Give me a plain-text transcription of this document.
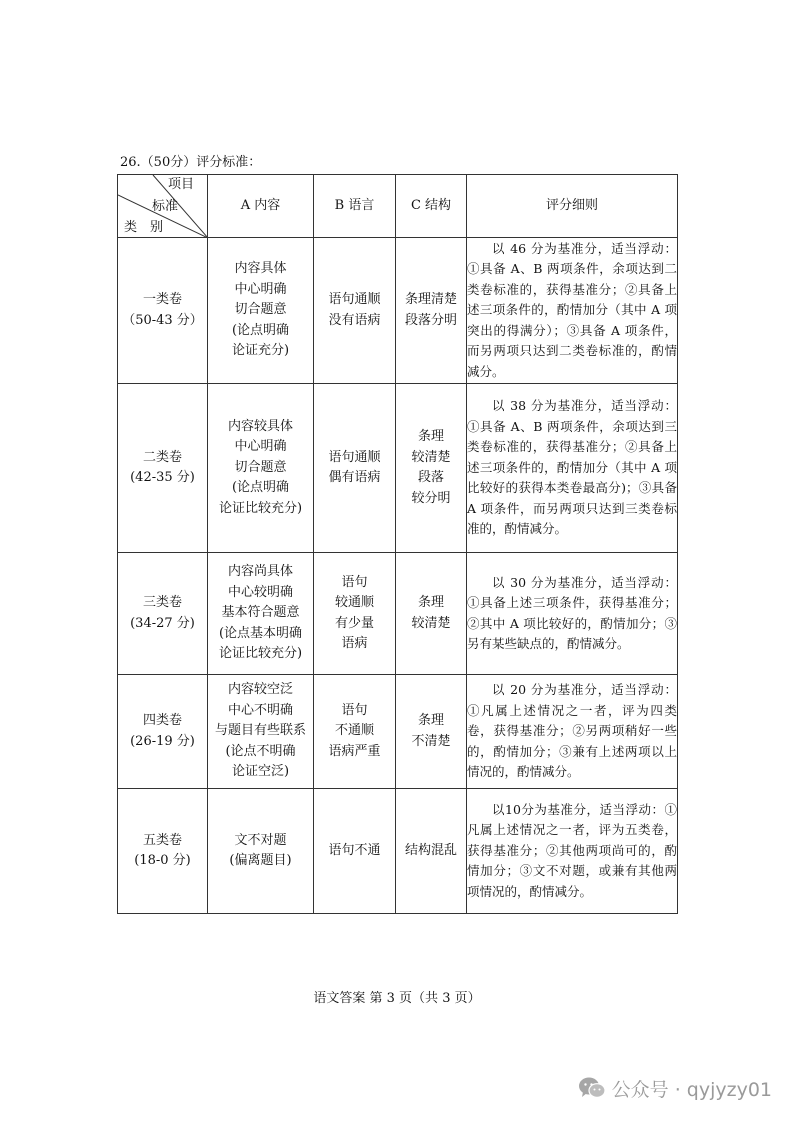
26.（50分）评分标准：
项目
标准
类　别	A 内容	B 语言	C 结构	评分细则

一类卷
（50-43 分）	内容具体
中心明确
切合题意
(论点明确
论证充分)	语句通顺
没有语病	条理清楚
段落分明	以 46 分为基准分，适当浮动：①具备 A、B 两项条件，余项达到二类卷标准的，获得基准分；②具备上述三项条件的，酌情加分（其中 A 项突出的得满分）；③具备 A 项条件，而另两项只达到二类卷标准的，酌情减分。

二类卷
(42-35 分)	内容较具体
中心明确
切合题意
(论点明确
论证比较充分)	语句通顺
偶有语病	条理
较清楚
段落
较分明	以 38 分为基准分，适当浮动：①具备 A、B 两项条件，余项达到三类卷标准的，获得基准分；②具备上述三项条件的，酌情加分（其中 A 项比较好的获得本类卷最高分)；③具备 A 项条件，而另两项只达到三类卷标准的，酌情减分。

三类卷
(34-27 分)	内容尚具体
中心较明确
基本符合题意
(论点基本明确
论证比较充分)	语句
较通顺
有少量
语病	条理
较清楚	以 30 分为基准分，适当浮动：①具备上述三项条件，获得基准分；②其中 A 项比较好的，酌情加分；③另有某些缺点的，酌情减分。

四类卷
(26-19 分)	内容较空泛
中心不明确
与题目有些联系
(论点不明确
论证空泛)	语句
不通顺
语病严重	条理
不清楚	以 20 分为基准分，适当浮动：①凡属上述情况之一者，评为四类卷，获得基准分；②另两项稍好一些的，酌情加分；③兼有上述两项以上情况的，酌情减分。

五类卷
(18-0 分)	文不对题
(偏离题目)	语句不通	结构混乱	以10分为基准分，适当浮动：①凡属上述情况之一者，评为五类卷，获得基准分；②其他两项尚可的，酌情加分；③文不对题，或兼有其他两项情况的，酌情减分。
语文答案 第 3 页（共 3 页）
公众号 · qyjyzy01
